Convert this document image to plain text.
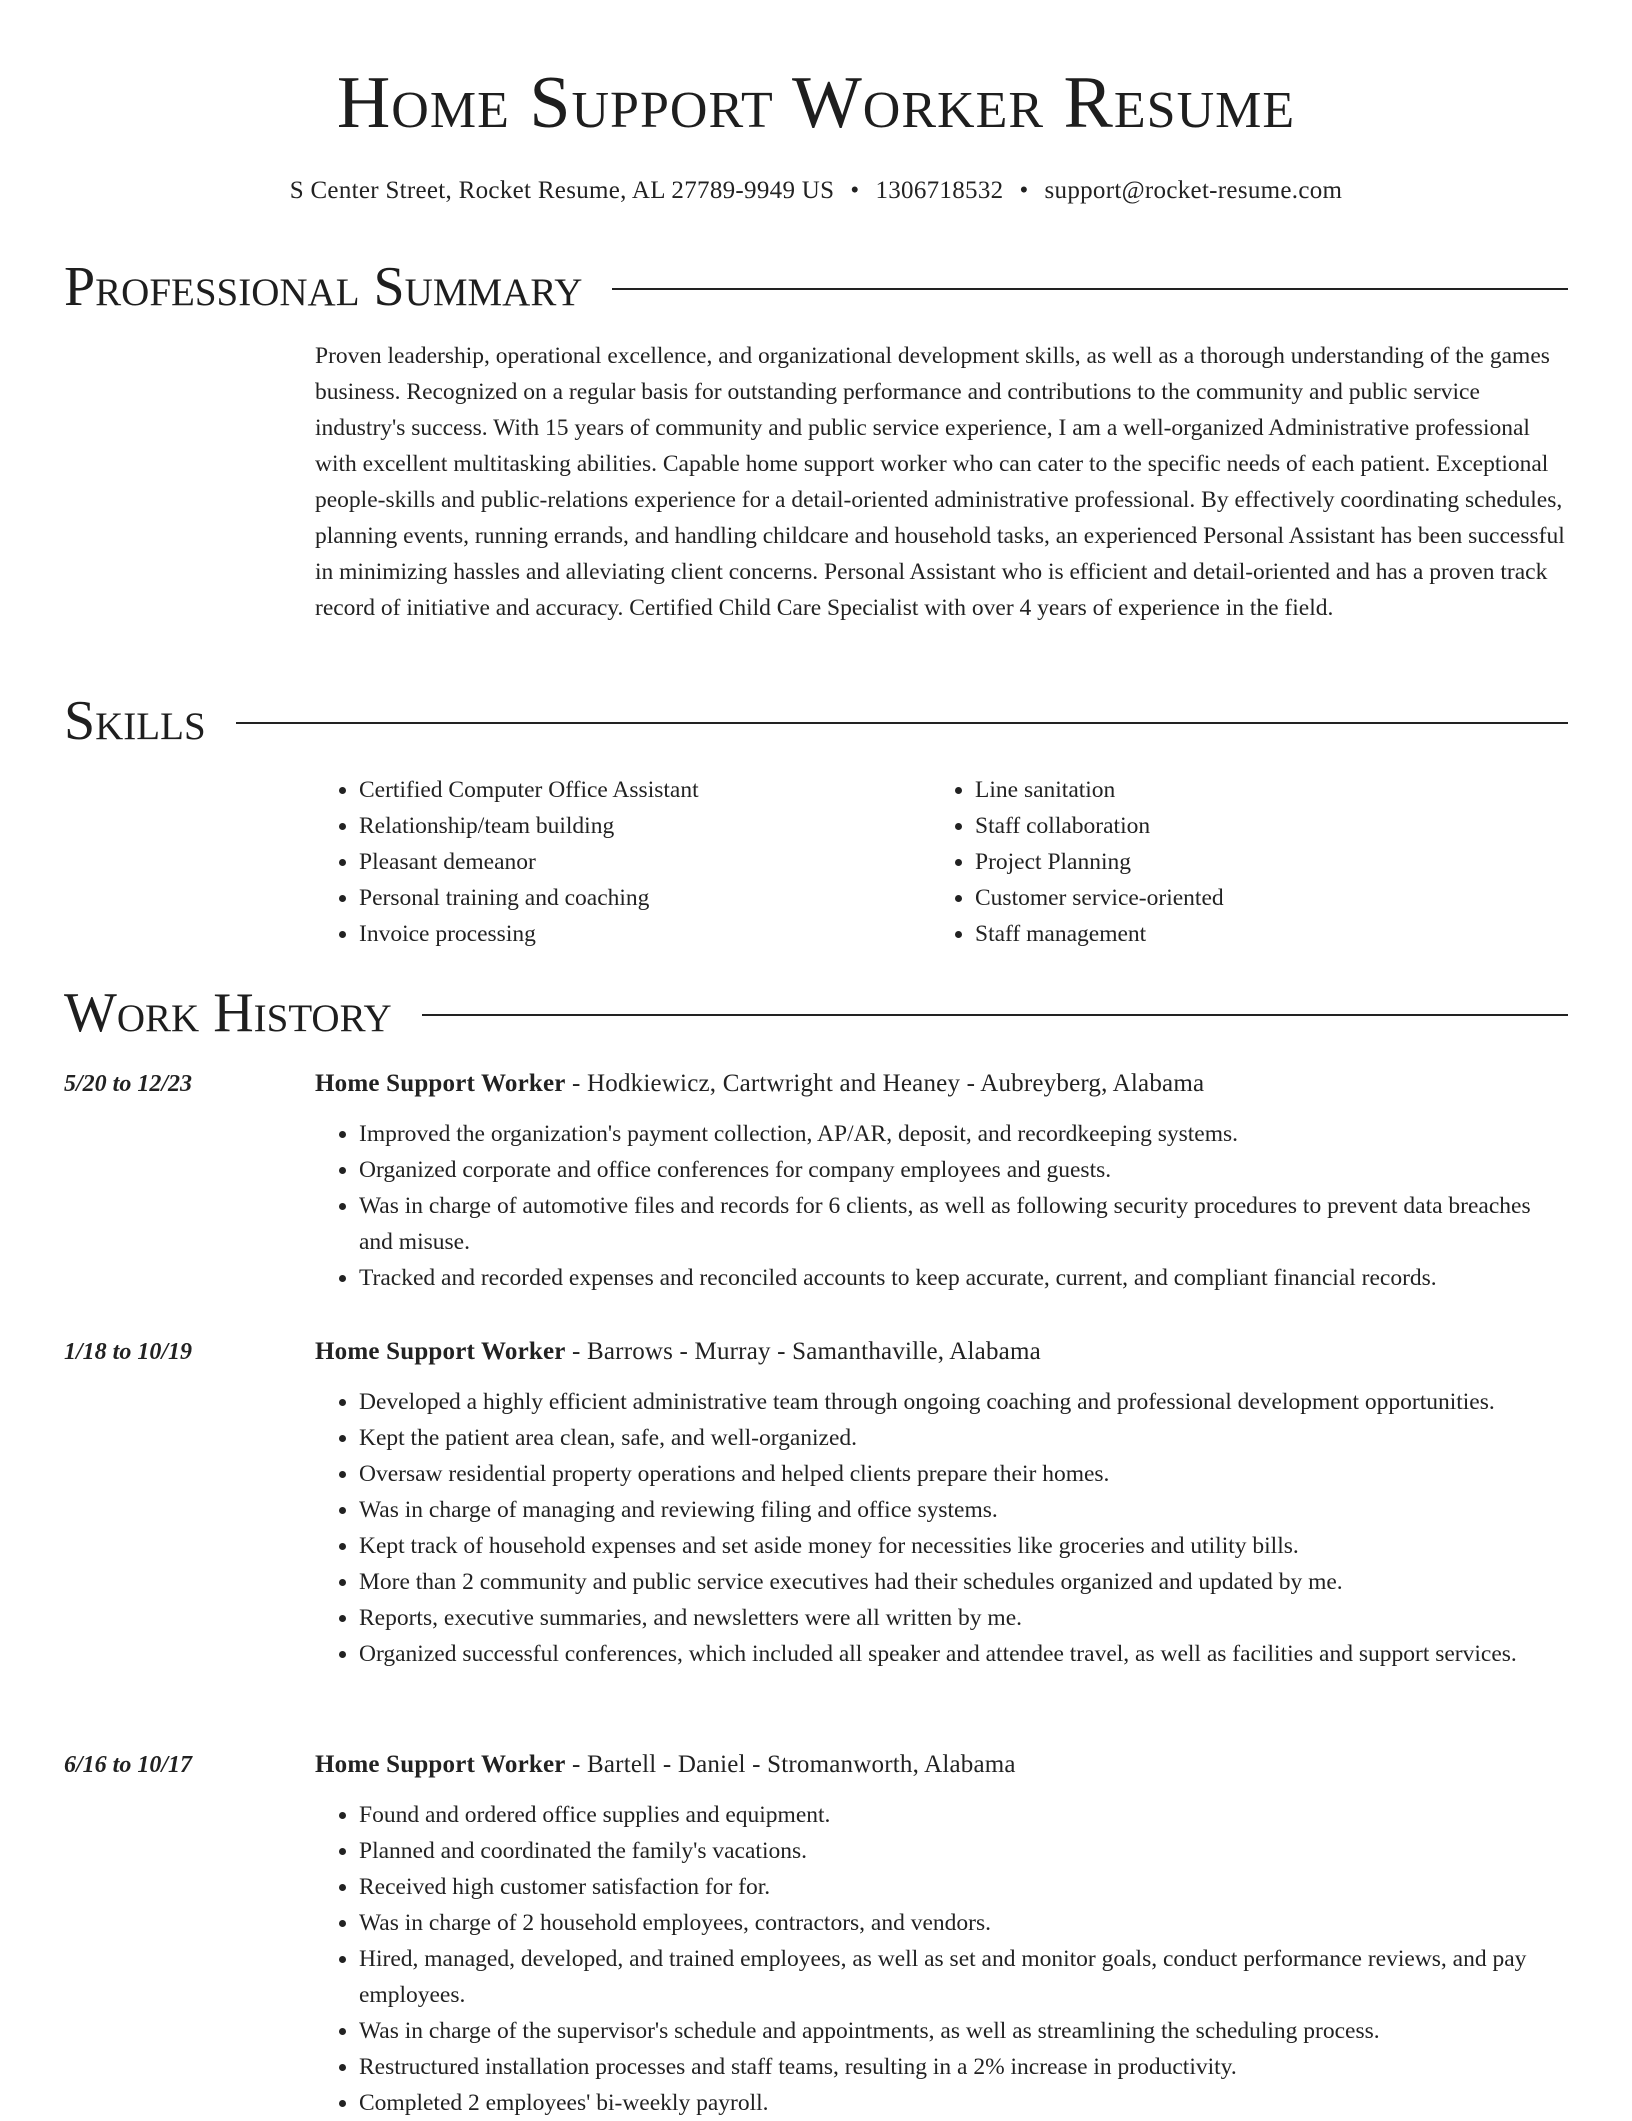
Home Support Worker Resume
S Center Street, Rocket Resume, AL 27789-9949 US • 1306718532 • support@rocket-resume.com
Professional Summary

Proven leadership, operational excellence, and organizational development skills, as well as a thorough understanding of the games business. Recognized on a regular basis for outstanding performance and contributions to the community and public service industry's success. With 15 years of community and public service experience, I am a well-organized Administrative professional with excellent multitasking abilities. Capable home support worker who can cater to the specific needs of each patient. Exceptional people-skills and public-relations experience for a detail-oriented administrative professional. By effectively coordinating schedules, planning events, running errands, and handling childcare and household tasks, an experienced Personal Assistant has been successful in minimizing hassles and alleviating client concerns. Personal Assistant who is efficient and detail-oriented and has a proven track record of initiative and accuracy. Certified Child Care Specialist with over 4 years of experience in the field.

Skills
• Certified Computer Office Assistant
• Relationship/team building
• Pleasant demeanor
• Personal training and coaching
• Invoice processing
• Line sanitation
• Staff collaboration
• Project Planning
• Customer service-oriented
• Staff management
Work History
5/20 to 12/23	Home Support Worker - Hodkiewicz, Cartwright and Heaney - Aubreyberg, Alabama
• Improved the organization's payment collection, AP/AR, deposit, and recordkeeping systems.
• Organized corporate and office conferences for company employees and guests.
• Was in charge of automotive files and records for 6 clients, as well as following security procedures to prevent data breaches and misuse.
• Tracked and recorded expenses and reconciled accounts to keep accurate, current, and compliant financial records.
1/18 to 10/19	Home Support Worker - Barrows - Murray - Samanthaville, Alabama
• Developed a highly efficient administrative team through ongoing coaching and professional development opportunities.
• Kept the patient area clean, safe, and well-organized.
• Oversaw residential property operations and helped clients prepare their homes.
• Was in charge of managing and reviewing filing and office systems.
• Kept track of household expenses and set aside money for necessities like groceries and utility bills.
• More than 2 community and public service executives had their schedules organized and updated by me.
• Reports, executive summaries, and newsletters were all written by me.
• Organized successful conferences, which included all speaker and attendee travel, as well as facilities and support services.
6/16 to 10/17	Home Support Worker - Bartell - Daniel - Stromanworth, Alabama
• Found and ordered office supplies and equipment.
• Planned and coordinated the family's vacations.
• Received high customer satisfaction for for.
• Was in charge of 2 household employees, contractors, and vendors.
• Hired, managed, developed, and trained employees, as well as set and monitor goals, conduct performance reviews, and pay employees.
• Was in charge of the supervisor's schedule and appointments, as well as streamlining the scheduling process.
• Restructured installation processes and staff teams, resulting in a 2% increase in productivity.
• Completed 2 employees' bi-weekly payroll.
